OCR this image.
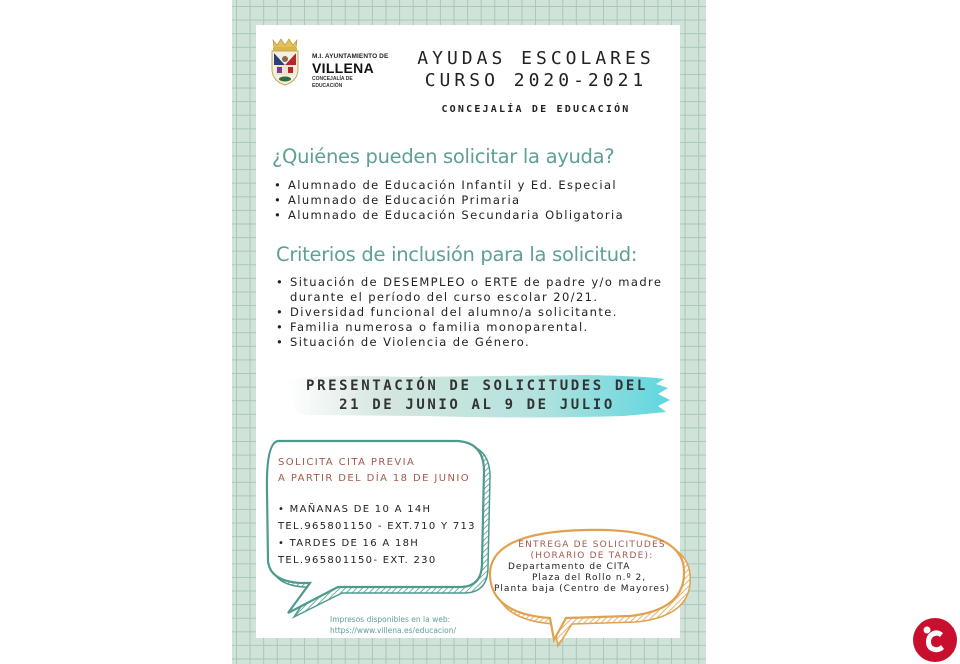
M.I. AYUNTAMIENTO DE
VILLENA
CONCEJALÍA DE
EDUCACIÓN
AYUDAS ESCOLARES
CURSO 2020-2021
CONCEJALÍA DE EDUCACIÓN
¿Quiénes pueden solicitar la ayuda?
• Alumnado de Educación Infantil y Ed. Especial
• Alumnado de Educación Primaria
• Alumnado de Educación Secundaria Obligatoria
Criterios de inclusión para la solicitud:
• Situación de DESEMPLEO o ERTE de padre y/o madre durante el período del curso escolar 20/21.
• Diversidad funcional del alumno/a solicitante.
• Familia numerosa o familia monoparental.
• Situación de Violencia de Género.
PRESENTACIÓN DE SOLICITUDES DEL
21 DE JUNIO AL 9 DE JULIO
SOLICITA CITA PREVIA
A PARTIR DEL DÍA 18 DE JUNIO
• MAÑANAS DE 10 A 14H
TEL.965801150 - EXT.710 Y 713
• TARDES DE 16 A 18H
TEL.965801150- EXT. 230
ENTREGA DE SOLICITUDES
(HORARIO DE TARDE):
Departamento de CITA
Plaza del Rollo n.º 2,
Planta baja (Centro de Mayores)
Impresos disponibles en la web:
https://www.villena.es/educacion/
